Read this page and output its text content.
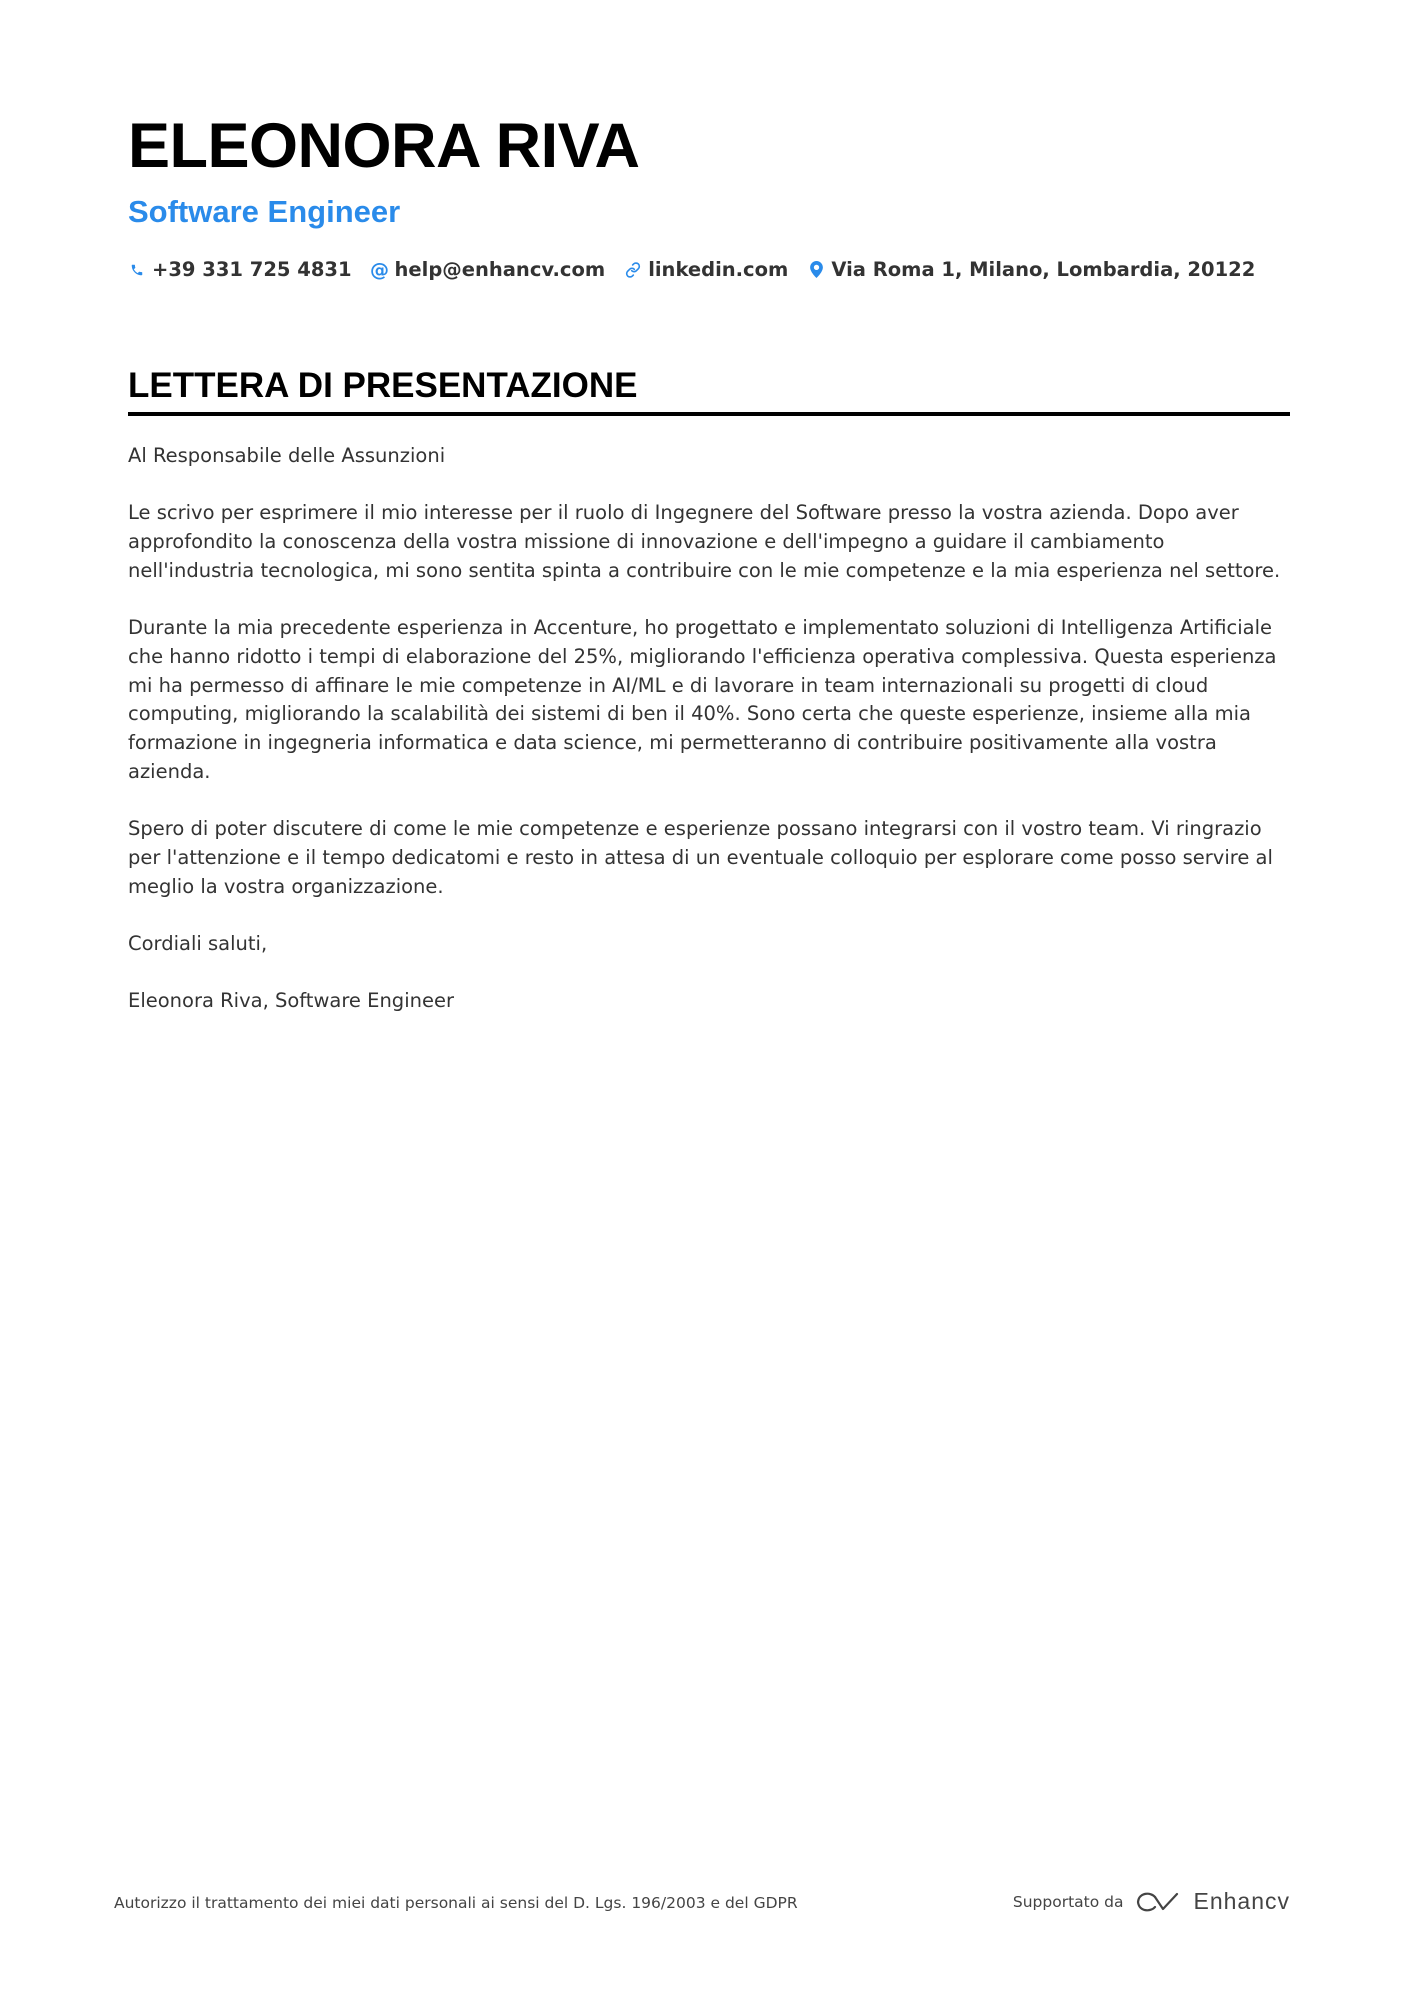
ELEONORA RIVA
Software Engineer
+39 331 725 4831 @ help@enhancv.com linkedin.com Via Roma 1, Milano, Lombardia, 20122
LETTERA DI PRESENTAZIONE

Al Responsabile delle Assunzioni

Le scrivo per esprimere il mio interesse per il ruolo di Ingegnere del Software presso la vostra azienda. Dopo aver approfondito la conoscenza della vostra missione di innovazione e dell'impegno a guidare il cambiamento nell'industria tecnologica, mi sono sentita spinta a contribuire con le mie competenze e la mia esperienza nel settore.

Durante la mia precedente esperienza in Accenture, ho progettato e implementato soluzioni di Intelligenza Artificiale che hanno ridotto i tempi di elaborazione del 25%, migliorando l'efficienza operativa complessiva. Questa esperienza mi ha permesso di affinare le mie competenze in AI/ML e di lavorare in team internazionali su progetti di cloud computing, migliorando la scalabilità dei sistemi di ben il 40%. Sono certa che queste esperienze, insieme alla mia formazione in ingegneria informatica e data science, mi permetteranno di contribuire positivamente alla vostra azienda.

Spero di poter discutere di come le mie competenze e esperienze possano integrarsi con il vostro team. Vi ringrazio per l'attenzione e il tempo dedicatomi e resto in attesa di un eventuale colloquio per esplorare come posso servire al meglio la vostra organizzazione.

Cordiali saluti,

Eleonora Riva, Software Engineer

Autorizzo il trattamento dei miei dati personali ai sensi del D. Lgs. 196/2003 e del GDPR	Supportato da	Enhancv
